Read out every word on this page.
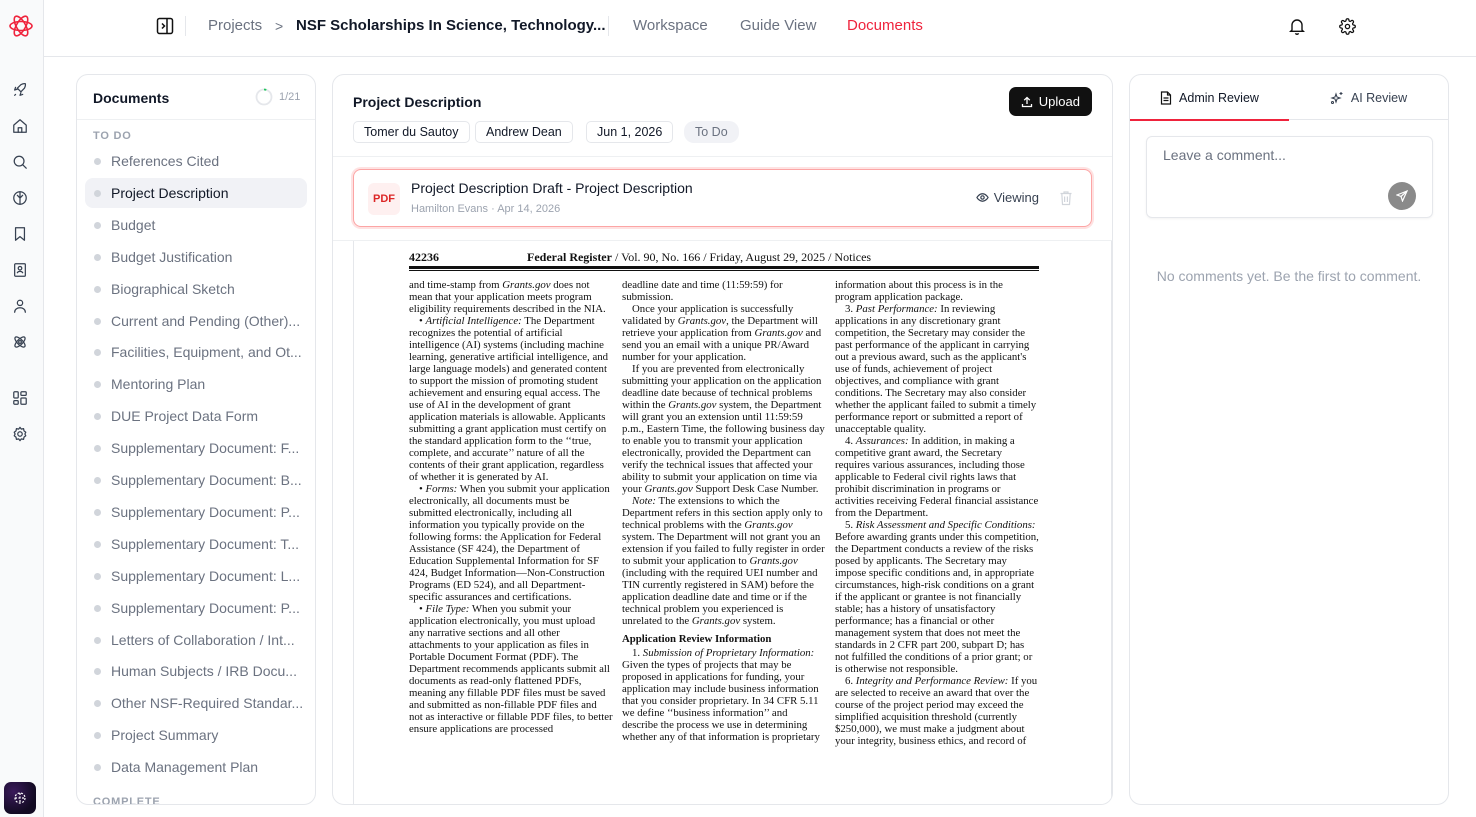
Projects > NSF Scholarships In Science, Technology... Workspace Guide View Documents
Documents	1/21
TO DO
References Cited
Project Description
Budget
Budget Justification
Biographical Sketch
Current and Pending (Other)...
Facilities, Equipment, and Ot...
Mentoring Plan
DUE Project Data Form
Supplementary Document: F...
Supplementary Document: B...
Supplementary Document: P...
Supplementary Document: T...
Supplementary Document: L...
Supplementary Document: P...
Letters of Collaboration / Int...
Human Subjects / IRB Docu...
Other NSF-Required Standar...
Project Summary
Data Management Plan
COMPLETE
Project Description	Upload
Tomer du Sautoy	Andrew Dean	Jun 1, 2026	To Do
PDF
Project Description Draft - Project Description
Hamilton Evans · Apr 14, 2026
Viewing
42236	Federal Register / Vol. 90, No. 166 / Friday, August 29, 2025 / Notices

and time-stamp from Grants.gov does not mean that your application meets program eligibility requirements described in the NIA.

• Artificial Intelligence: The Department recognizes the potential of artificial intelligence (AI) systems (including machine learning, generative artificial intelligence, and large language models) and generated content to support the mission of promoting student achievement and ensuring equal access. The use of AI in the development of grant application materials is allowable. Applicants submitting a grant application must certify on the standard application form to the ‘‘true, complete, and accurate’’ nature of all the contents of their grant application, regardless of whether it is generated by AI.

• Forms: When you submit your application electronically, all documents must be submitted electronically, including all information you typically provide on the following forms: the Application for Federal Assistance (SF 424), the Department of Education Supplemental Information for SF 424, Budget Information—Non-Construction Programs (ED 524), and all Department-specific assurances and certifications.

• File Type: When you submit your application electronically, you must upload any narrative sections and all other attachments to your application as files in Portable Document Format (PDF). The Department recommends applicants submit all documents as read-only flattened PDFs, meaning any fillable PDF files must be saved and submitted as non-fillable PDF files and not as interactive or fillable PDF files, to better ensure applications are processed

deadline date and time (11:59:59) for submission.

Once your application is successfully validated by Grants.gov, the Department will retrieve your application from Grants.gov and send you an email with a unique PR/Award number for your application.

If you are prevented from electronically submitting your application on the application deadline date because of technical problems within the Grants.gov system, the Department will grant you an extension until 11:59:59 p.m., Eastern Time, the following business day to enable you to transmit your application electronically, provided the Department can verify the technical issues that affected your ability to submit your application on time via your Grants.gov Support Desk Case Number.

Note: The extensions to which the Department refers in this section apply only to technical problems with the Grants.gov system. The Department will not grant you an extension if you failed to fully register in order to submit your application to Grants.gov (including with the required UEI number and TIN currently registered in SAM) before the application deadline date and time or if the technical problem you experienced is unrelated to the Grants.gov system.

Application Review Information

1. Submission of Proprietary Information: Given the types of projects that may be proposed in applications for funding, your application may include business information that you consider proprietary. In 34 CFR 5.11 we define ‘‘business information’’ and describe the process we use in determining whether any of that information is proprietary

information about this process is in the program application package.

3. Past Performance: In reviewing applications in any discretionary grant competition, the Secretary may consider the past performance of the applicant in carrying out a previous award, such as the applicant's use of funds, achievement of project objectives, and compliance with grant conditions. The Secretary may also consider whether the applicant failed to submit a timely performance report or submitted a report of unacceptable quality.

4. Assurances: In addition, in making a competitive grant award, the Secretary requires various assurances, including those applicable to Federal civil rights laws that prohibit discrimination in programs or activities receiving Federal financial assistance from the Department.

5. Risk Assessment and Specific Conditions: Before awarding grants under this competition, the Department conducts a review of the risks posed by applicants. The Secretary may impose specific conditions and, in appropriate circumstances, high-risk conditions on a grant if the applicant or grantee is not financially stable; has a history of unsatisfactory performance; has a financial or other management system that does not meet the standards in 2 CFR part 200, subpart D; has not fulfilled the conditions of a prior grant; or is otherwise not responsible.

6. Integrity and Performance Review: If you are selected to receive an award that over the course of the project period may exceed the simplified acquisition threshold (currently $250,000), we must make a judgment about your integrity, business ethics, and record of

Admin Review	AI Review
Leave a comment...
No comments yet. Be the first to comment.
